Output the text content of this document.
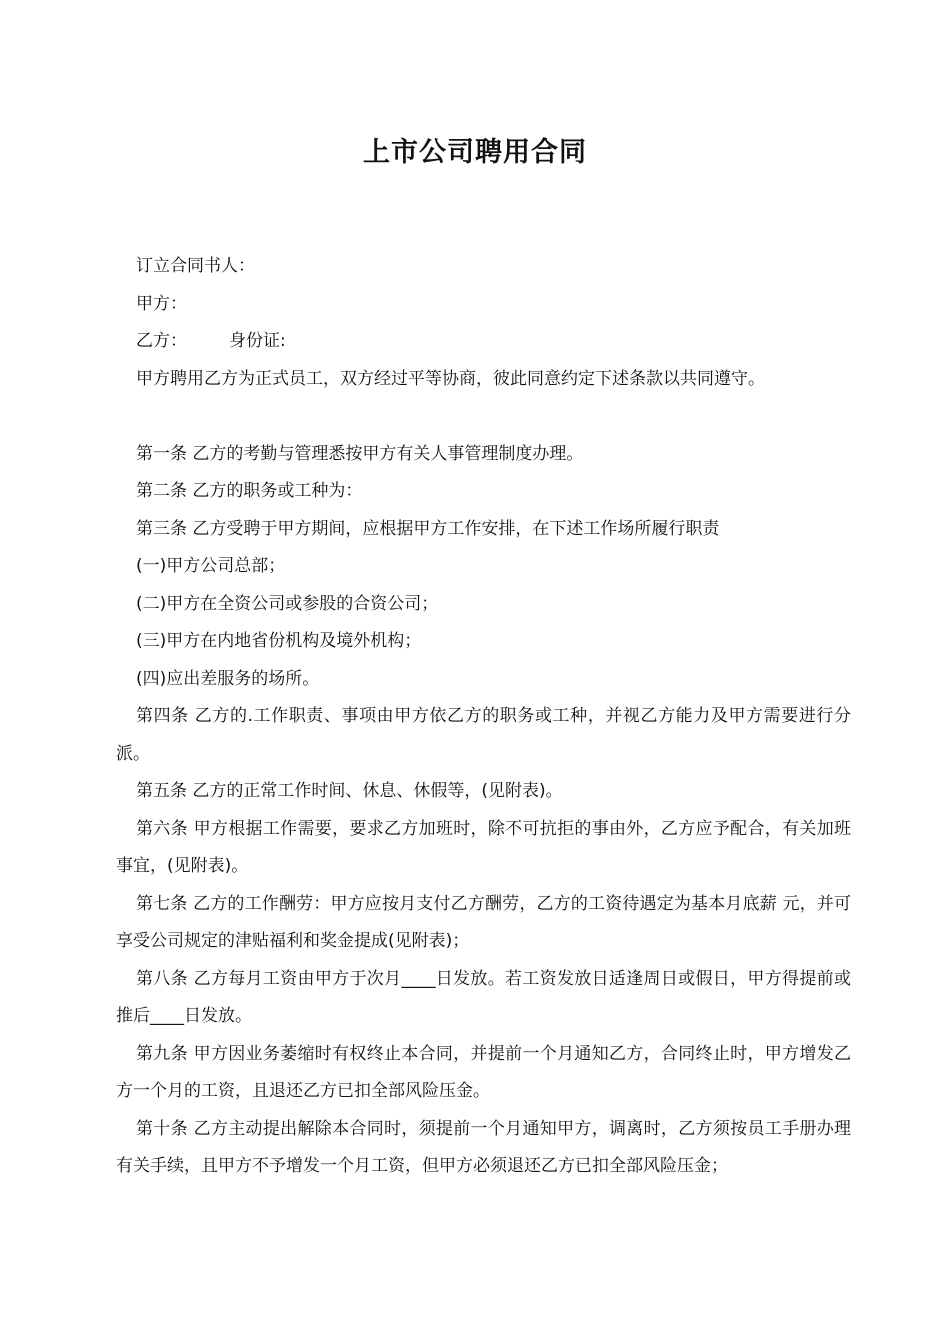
上市公司聘用合同

订立合同书人：

甲方：

乙方： 身份证:

甲方聘用乙方为正式员工，双方经过平等协商，彼此同意约定下述条款以共同遵守。

第一条 乙方的考勤与管理悉按甲方有关人事管理制度办理。

第二条 乙方的职务或工种为：

第三条 乙方受聘于甲方期间，应根据甲方工作安排，在下述工作场所履行职责

(一)甲方公司总部；

(二)甲方在全资公司或参股的合资公司；

(三)甲方在内地省份机构及境外机构；

(四)应出差服务的场所。

第四条 乙方的.工作职责、事项由甲方依乙方的职务或工种，并视乙方能力及甲方需要进行分派。

第五条 乙方的正常工作时间、休息、休假等，(见附表)。

第六条 甲方根据工作需要，要求乙方加班时，除不可抗拒的事由外，乙方应予配合，有关加班事宜，(见附表)。

第七条 乙方的工作酬劳：甲方应按月支付乙方酬劳，乙方的工资待遇定为基本月底薪 元，并可享受公司规定的津贴福利和奖金提成(见附表)；

第八条 乙方每月工资由甲方于次月____日发放。若工资发放日适逢周日或假日，甲方得提前或推后____日发放。

第九条 甲方因业务萎缩时有权终止本合同，并提前一个月通知乙方，合同终止时，甲方增发乙方一个月的工资，且退还乙方已扣全部风险压金。

第十条 乙方主动提出解除本合同时，须提前一个月通知甲方，调离时，乙方须按员工手册办理有关手续，且甲方不予增发一个月工资，但甲方必须退还乙方已扣全部风险压金；
